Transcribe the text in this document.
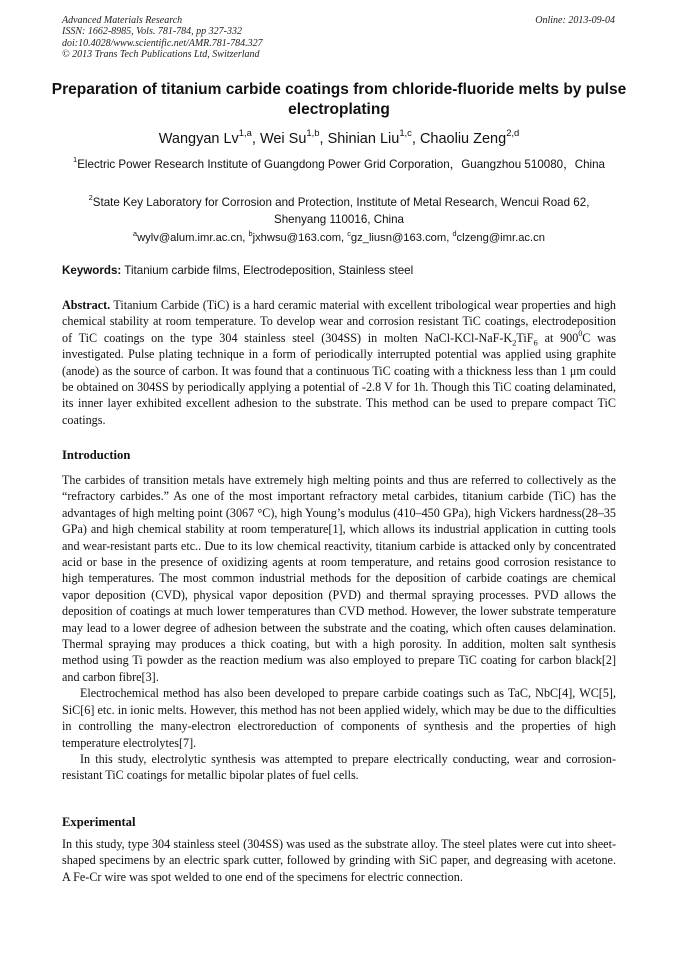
Advanced Materials Research
ISSN: 1662-8985, Vols. 781-784, pp 327-332
doi:10.4028/www.scientific.net/AMR.781-784.327
© 2013 Trans Tech Publications Ltd, Switzerland
Online: 2013-09-04
Preparation of titanium carbide coatings from chloride-fluoride melts by pulse electroplating
Wangyan Lv$^{1,a}$, Wei Su$^{1,b}$, Shinian Liu$^{1,c}$, Chaoliu Zeng$^{2,d}$
$^1$Electric Power Research Institute of Guangdong Power Grid Corporation，Guangzhou 510080，China
$^2$State Key Laboratory for Corrosion and Protection, Institute of Metal Research, Wencui Road 62, Shenyang 110016, China
$^a$wylv@alum.imr.ac.cn, $^b$jxhwsu@163.com, $^c$gz_liusn@163.com, $^d$clzeng@imr.ac.cn
Keywords: Titanium carbide films, Electrodeposition, Stainless steel

Abstract. Titanium Carbide (TiC) is a hard ceramic material with excellent tribological wear properties and high chemical stability at room temperature. To develop wear and corrosion resistant TiC coatings, electrodeposition of TiC coatings on the type 304 stainless steel (304SS) in molten NaCl-$KCl-NaF-K_2TiF_6$ at $900^0C$ was investigated. Pulse plating technique in a form of periodically interrupted potential was applied using graphite (anode) as the source of carbon. It was found that a continuous TiC coating with a thickness less than 1 μm could be obtained on 304SS by periodically applying a potential of -2.8 V for 1h. Though this TiC coating delaminated, its inner layer exhibited excellent adhesion to the substrate. This method can be used to prepare compact TiC coatings.

Introduction

The carbides of transition metals have extremely high melting points and thus are referred to collectively as the “refractory carbides.” As one of the most important refractory metal carbides, titanium carbide (TiC) has the advantages of high melting point (3067 °C), high Young’s modulus (410–450 GPa), high Vickers hardness(28–35 GPa) and high chemical stability at room temperature[1], which allows its industrial application in cutting tools and wear-resistant parts etc.. Due to its low chemical reactivity, titanium carbide is attacked only by concentrated acid or base in the presence of oxidizing agents at room temperature, and retains good corrosion resistance to high temperatures. The most common industrial methods for the deposition of carbide coatings are chemical vapor deposition (CVD), physical vapor deposition (PVD) and thermal spraying processes. PVD allows the deposition of coatings at much lower temperatures than CVD method. However, the lower substrate temperature may lead to a lower degree of adhesion between the substrate and the coating, which often causes delamination. Thermal spraying may produces a thick coating, but with a high porosity. In addition, molten salt synthesis method using Ti powder as the reaction medium was also employed to prepare TiC coating for carbon black[2] and carbon fibre[3].

Electrochemical method has also been developed to prepare carbide coatings such as TaC, NbC[4], WC[5], SiC[6] etc. in ionic melts. However, this method has not been applied widely, which may be due to the difficulties in controlling the many-electron electroreduction of components of synthesis and the properties of high temperature electrolytes[7].

In this study, electrolytic synthesis was attempted to prepare electrically conducting, wear and corrosion-resistant TiC coatings for metallic bipolar plates of fuel cells.

Experimental

In this study, type 304 stainless steel (304SS) was used as the substrate alloy. The steel plates were cut into sheet-shaped specimens by an electric spark cutter, followed by grinding with SiC paper, and degreasing with acetone. A Fe-Cr wire was spot welded to one end of the specimens for electric connection.
